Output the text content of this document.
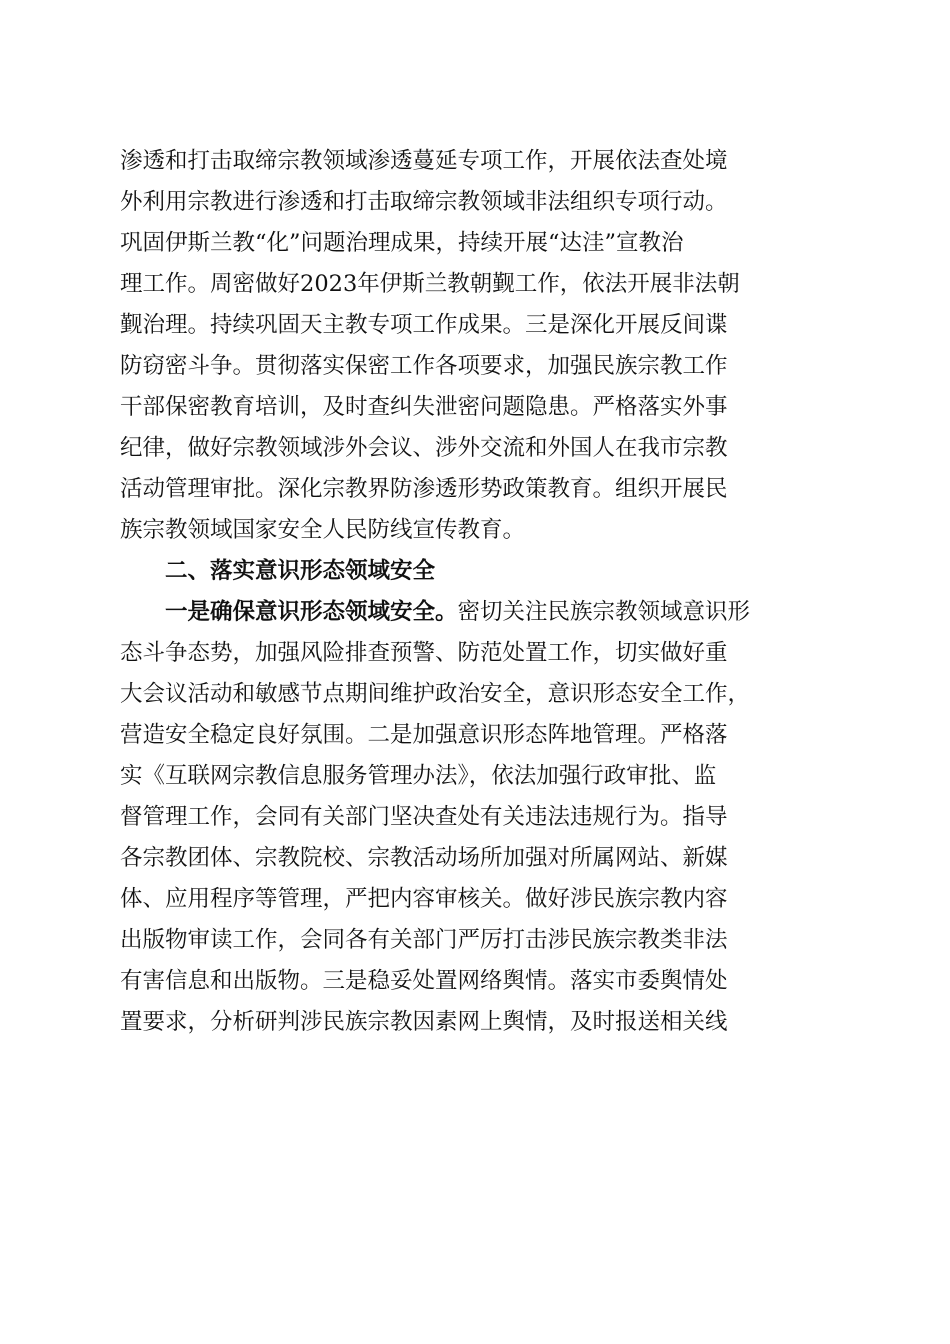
渗透和打击取缔宗教领域渗透蔓延专项工作，开展依法查处境
外利用宗教进行渗透和打击取缔宗教领域非法组织专项行动。
巩固伊斯兰教“化”问题治理成果，持续开展“达洼”宣教治
理工作。周密做好2023年伊斯兰教朝觐工作，依法开展非法朝
觐治理。持续巩固天主教专项工作成果。三是深化开展反间谍
防窃密斗争。贯彻落实保密工作各项要求，加强民族宗教工作
干部保密教育培训，及时查纠失泄密问题隐患。严格落实外事
纪律，做好宗教领域涉外会议、涉外交流和外国人在我市宗教
活动管理审批。深化宗教界防渗透形势政策教育。组织开展民
族宗教领域国家安全人民防线宣传教育。
二、落实意识形态领域安全
一是确保意识形态领域安全。密切关注民族宗教领域意识形
态斗争态势，加强风险排查预警、防范处置工作，切实做好重
大会议活动和敏感节点期间维护政治安全，意识形态安全工作，
营造安全稳定良好氛围。二是加强意识形态阵地管理。严格落
实《互联网宗教信息服务管理办法》，依法加强行政审批、监
督管理工作，会同有关部门坚决查处有关违法违规行为。指导
各宗教团体、宗教院校、宗教活动场所加强对所属网站、新媒
体、应用程序等管理，严把内容审核关。做好涉民族宗教内容
出版物审读工作，会同各有关部门严厉打击涉民族宗教类非法
有害信息和出版物。三是稳妥处置网络舆情。落实市委舆情处
置要求，分析研判涉民族宗教因素网上舆情，及时报送相关线
